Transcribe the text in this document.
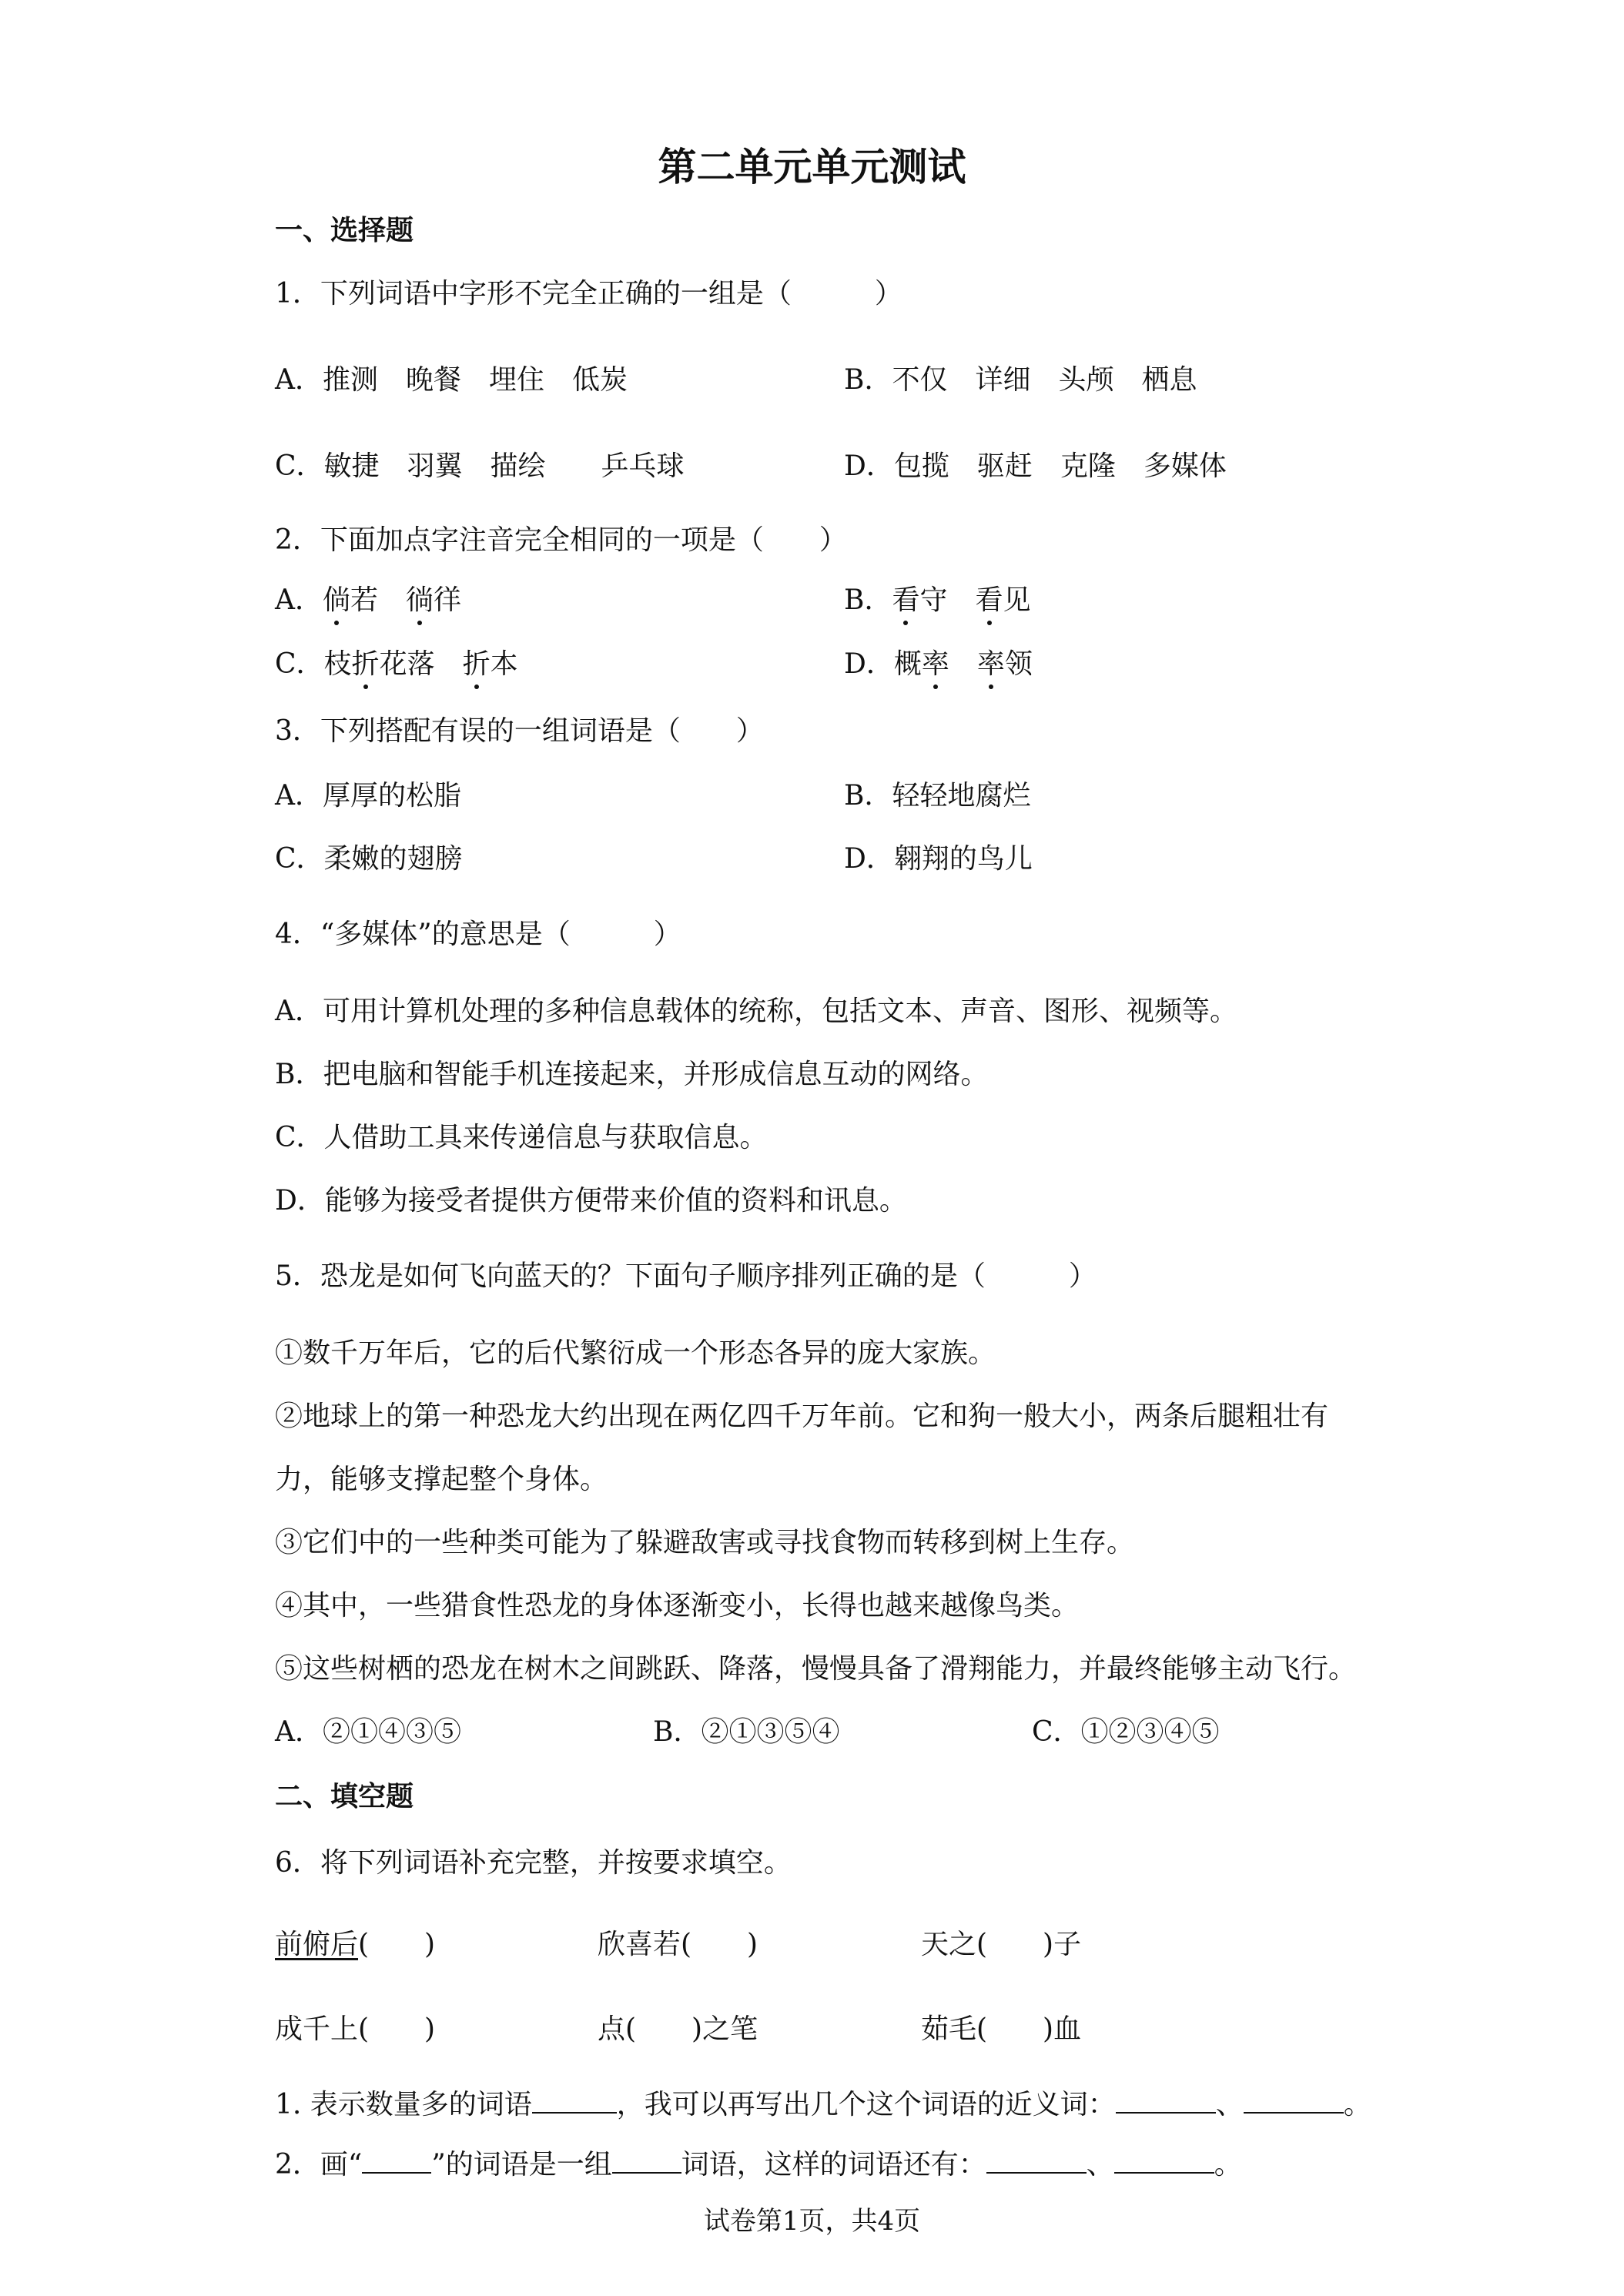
第二单元单元测试
一、选择题
1．下列词语中字形不完全正确的一组是（　　　）
A．推测　晚餐　埋住　低炭	B．不仅　详细　头颅　栖息
C．敏捷　羽翼　描绘　　乒乓球	D．包揽　驱赶　克隆　多媒体
2．下面加点字注音完全相同的一项是（　　）
A．倘若　徜徉	B．看守　看见
C．枝折花落　折本	D．概率　 率领
3．下列搭配有误的一组词语是（　　）
A．厚厚的松脂	B．轻轻地腐烂
C．柔嫩的翅膀	D．翱翔的鸟儿
4．“多媒体”的意思是（　　　）
A．可用计算机处理的多种信息载体的统称，包括文本、声音、图形、视频等。
B．把电脑和智能手机连接起来，并形成信息互动的网络。
C．人借助工具来传递信息与获取信息。
D．能够为接受者提供方便带来价值的资料和讯息。
5．恐龙是如何飞向蓝天的？下面句子顺序排列正确的是（　　　）
①数千万年后，它的后代繁衍成一个形态各异的庞大家族。
②地球上的第一种恐龙大约出现在两亿四千万年前。它和狗一般大小，两条后腿粗壮有
力，能够支撑起整个身体。
③它们中的一些种类可能为了躲避敌害或寻找食物而转移到树上生存。
④其中，一些猎食性恐龙的身体逐渐变小，长得也越来越像鸟类。
⑤这些树栖的恐龙在树木之间跳跃、降落，慢慢具备了滑翔能力，并最终能够主动飞行。
A．②①④③⑤	B．②①③⑤④	C．①②③④⑤
二、填空题
6．将下列词语补充完整，并按要求填空。
前俯后(　　)	欣喜若(　　)	天之(　　)子
成千上(　　)	点(　　)之笔	茹毛(　　)血
1. 表示数量多的词语	，我可以再写出几个这个词语的近义词：	、	。
2．画“	”的词语是一组	词语，这样的词语还有：	、	。
试卷第1页，共4页
